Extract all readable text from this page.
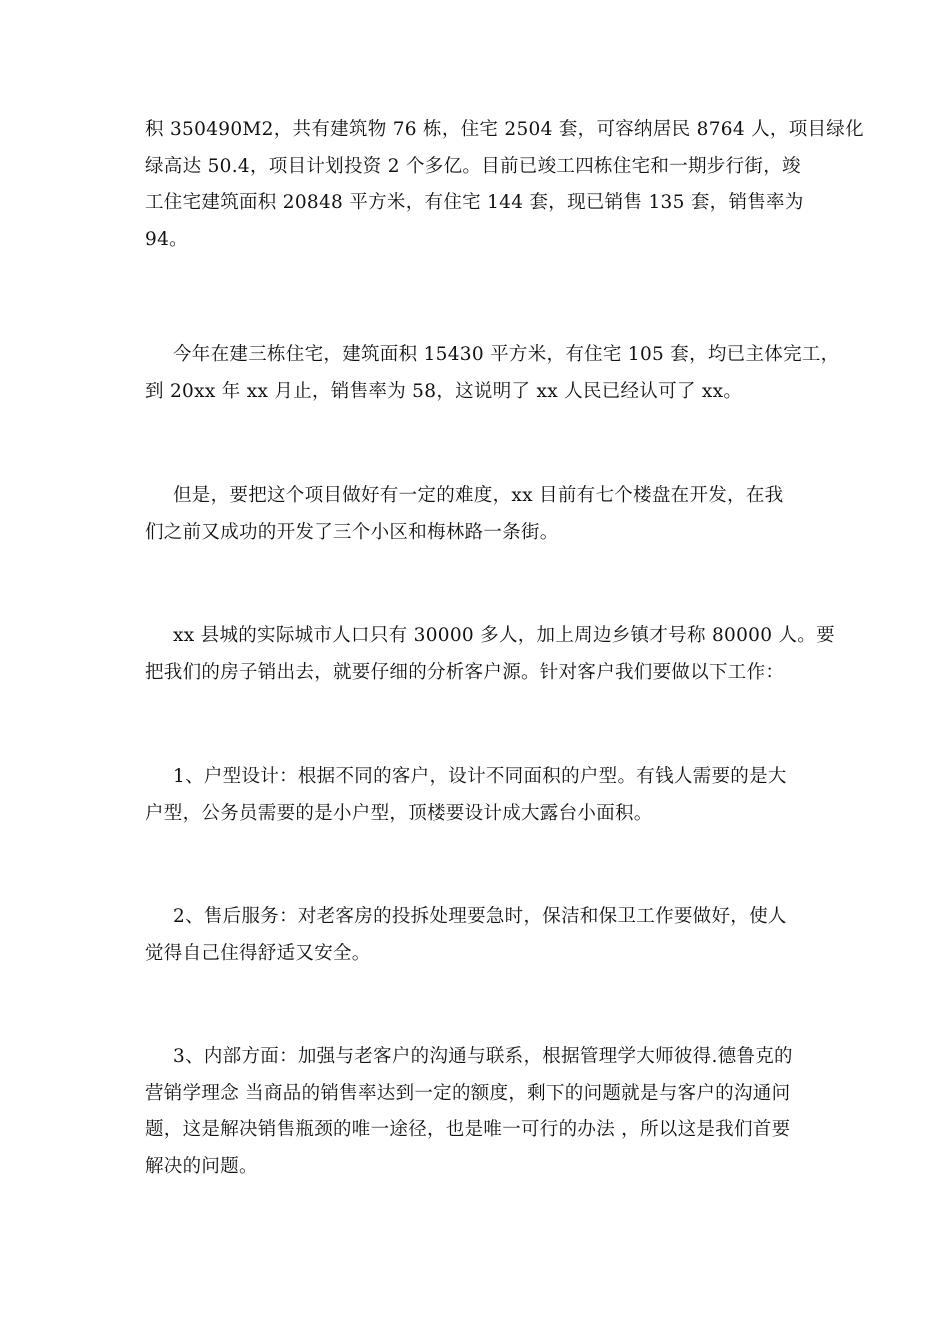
积 350490M2，共有建筑物 76 栋，住宅 2504 套，可容纳居民 8764 人，项目绿化
绿高达 50.4，项目计划投资 2 个多亿。目前已竣工四栋住宅和一期步行街，竣
工住宅建筑面积 20848 平方米，有住宅 144 套，现已销售 135 套，销售率为
94。
今年在建三栋住宅，建筑面积 15430 平方米，有住宅 105 套，均已主体完工，
到 20xx 年 xx 月止，销售率为 58，这说明了 xx 人民已经认可了 xx。
但是，要把这个项目做好有一定的难度，xx 目前有七个楼盘在开发，在我
们之前又成功的开发了三个小区和梅林路一条街。
xx 县城的实际城市人口只有 30000 多人，加上周边乡镇才号称 80000 人。要
把我们的房子销出去，就要仔细的分析客户源。针对客户我们要做以下工作：
1、户型设计：根据不同的客户，设计不同面积的户型。有钱人需要的是大
户型，公务员需要的是小户型，顶楼要设计成大露台小面积。
2、售后服务：对老客房的投拆处理要急时，保洁和保卫工作要做好，使人
觉得自己住得舒适又安全。
3、内部方面：加强与老客户的沟通与联系，根据管理学大师彼得.德鲁克的
营销学理念 当商品的销售率达到一定的额度，剩下的问题就是与客户的沟通问
题，这是解决销售瓶颈的唯一途径，也是唯一可行的办法 ，所以这是我们首要
解决的问题。
